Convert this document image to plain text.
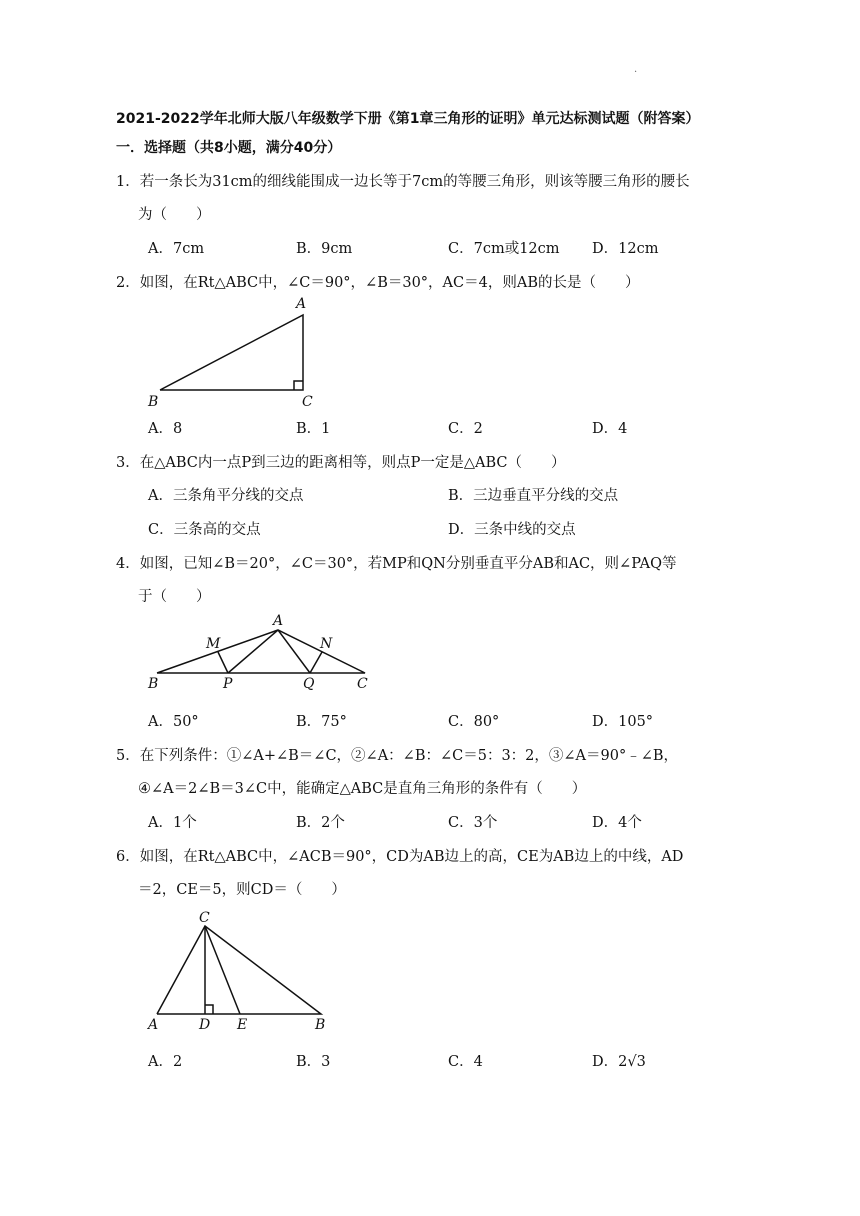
.
2021-2022学年北师大版八年级数学下册《第1章三角形的证明》单元达标测试题（附答案）
一．选择题（共8小题，满分40分）
1．若一条长为31cm的细线能围成一边长等于7cm的等腰三角形，则该等腰三角形的腰长
为（　　）
A．7cm	B．9cm	C．7cm或12cm D．12cm
2．如图，在Rt△ABC中，∠C＝90°，∠B＝30°，AC＝4，则AB的长是（　　）
A
B	C
A．8	B．1	C．2	D．4
3．在△ABC内一点P到三边的距离相等，则点P一定是△ABC（　　）
A．三条角平分线的交点	B．三边垂直平分线的交点
C．三条高的交点	D．三条中线的交点
4．如图，已知∠B＝20°，∠C＝30°，若MP和QN分别垂直平分AB和AC，则∠PAQ等
于（　　）
A
M	N
B	P	Q	C
A．50°	B．75°	C．80°	D．105°
5．在下列条件：①∠A+∠B＝∠C，②∠A：∠B：∠C＝5：3：2，③∠A＝90°﹣∠B，
④∠A＝2∠B＝3∠C中，能确定△ABC是直角三角形的条件有（　　）
A．1个	B．2个	C．3个	D．4个
6．如图，在Rt△ABC中，∠ACB＝90°，CD为AB边上的高，CE为AB边上的中线，AD
＝2，CE＝5，则CD＝（　　）
C
A	D E	B
A．2	B．3	C．4	D．2√3
